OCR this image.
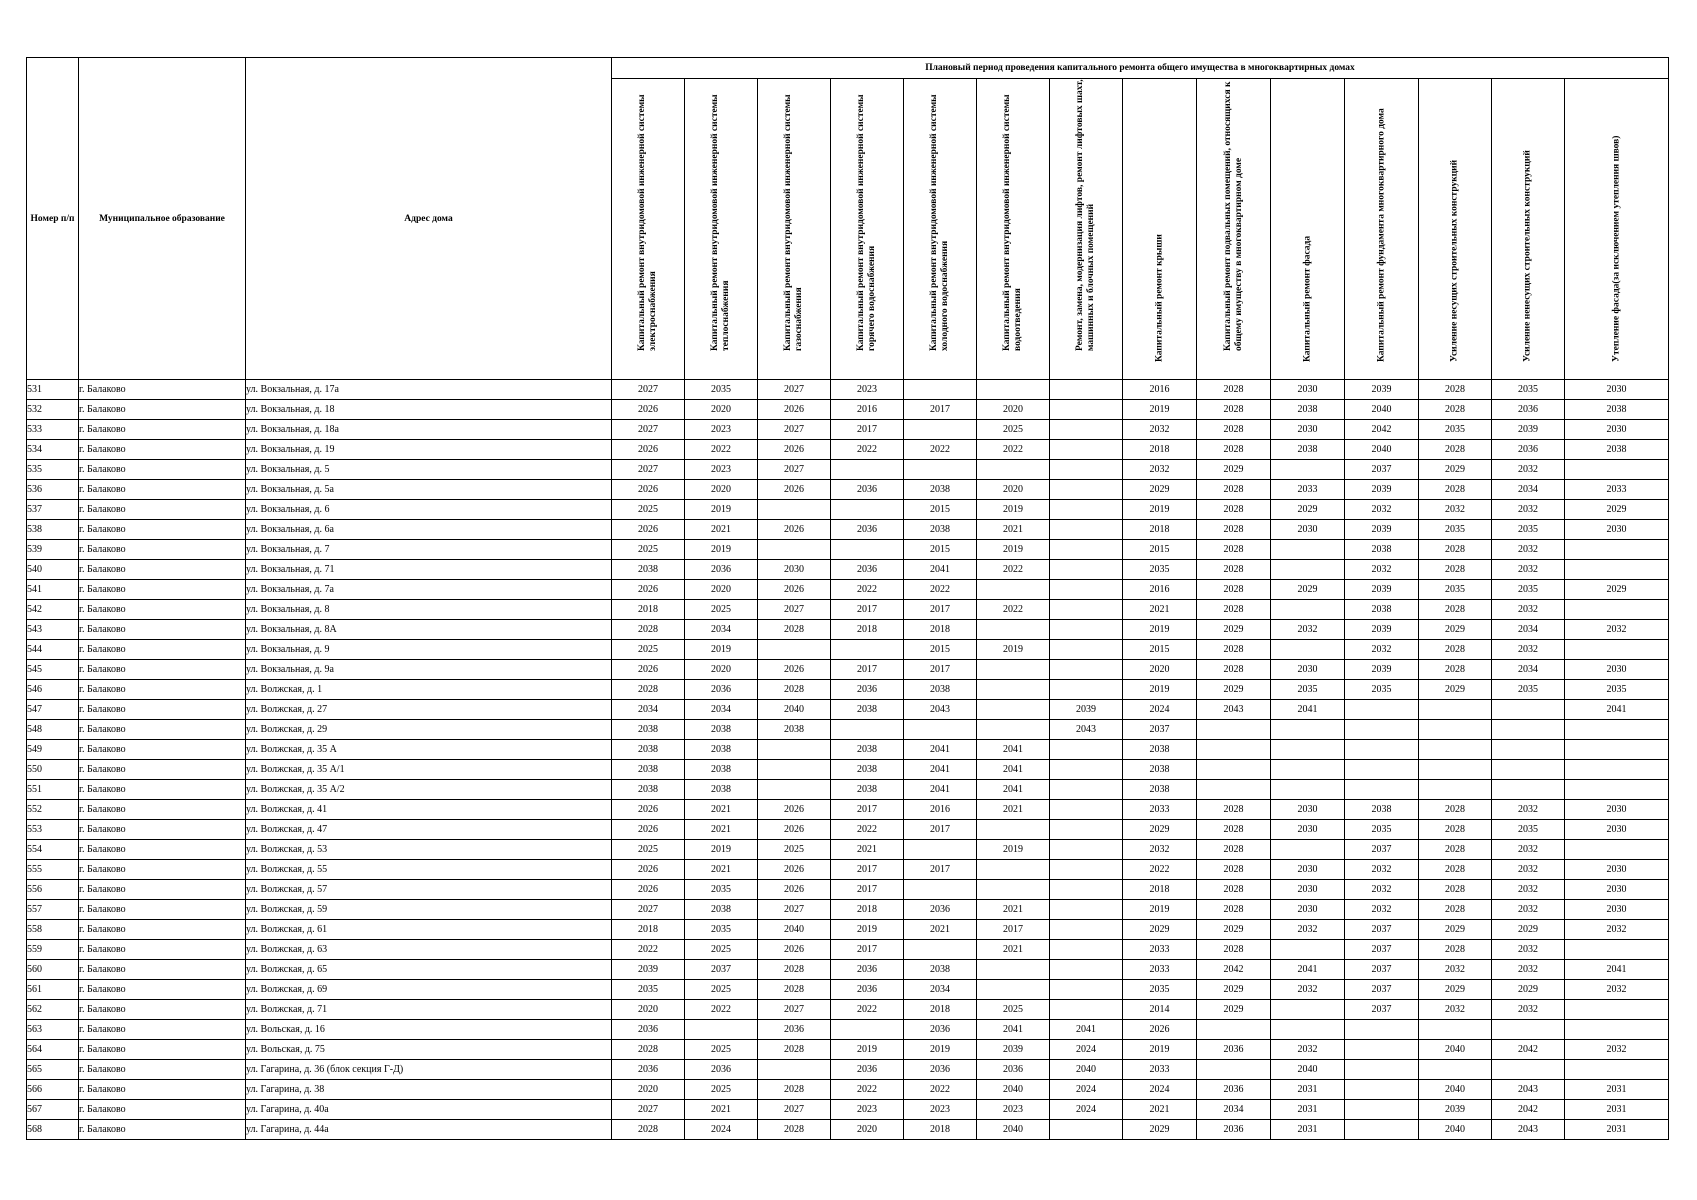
Номер п/п	Муниципальное образование	Адрес дома	Плановый период проведения капитального ремонта общего имущества в многоквартирных домах													

			Капитальный ремонт внутридомовой инженерной системы электроснабжения	Капитальный ремонт внутридомовой инженерной системы теплоснабжения	Капитальный ремонт внутридомовой инженерной системы газоснабжения	Капитальный ремонт внутридомовой инженерной системы горячего водоснабжения	Капитальный ремонт внутридомовой инженерной системы холодного водоснабжения	Капитальный ремонт внутридомовой инженерной системы водоотведения	Ремонт, замена, модернизация лифтов, ремонт лифтовых шахт, машинных и блочных помещений	Капитальный ремонт крыши	Капитальный ремонт подвальных помещений, относящихся к общему имуществу в многоквартирном доме	Капитальный ремонт фасада	Капитальный ремонт фундамента многоквартирного дома	Усиление несущих строительных конструкций	Усиление ненесущих строительных конструкций	Утепление фасада(за исключением утепления швов)

531	г. Балаково	ул. Вокзальная, д. 17а	2027	2035	2027	2023				2016	2028	2030	2039	2028	2035	2030
532	г. Балаково	ул. Вокзальная, д. 18	2026	2020	2026	2016	2017	2020		2019	2028	2038	2040	2028	2036	2038
533	г. Балаково	ул. Вокзальная, д. 18а	2027	2023	2027	2017		2025		2032	2028	2030	2042	2035	2039	2030
534	г. Балаково	ул. Вокзальная, д. 19	2026	2022	2026	2022	2022	2022		2018	2028	2038	2040	2028	2036	2038
535	г. Балаково	ул. Вокзальная, д. 5	2027	2023	2027					2032	2029		2037	2029	2032	
536	г. Балаково	ул. Вокзальная, д. 5а	2026	2020	2026	2036	2038	2020		2029	2028	2033	2039	2028	2034	2033
537	г. Балаково	ул. Вокзальная, д. 6	2025	2019			2015	2019		2019	2028	2029	2032	2032	2032	2029
538	г. Балаково	ул. Вокзальная, д. 6а	2026	2021	2026	2036	2038	2021		2018	2028	2030	2039	2035	2035	2030
539	г. Балаково	ул. Вокзальная, д. 7	2025	2019			2015	2019		2015	2028		2038	2028	2032	
540	г. Балаково	ул. Вокзальная, д. 71	2038	2036	2030	2036	2041	2022		2035	2028		2032	2028	2032	
541	г. Балаково	ул. Вокзальная, д. 7а	2026	2020	2026	2022	2022			2016	2028	2029	2039	2035	2035	2029
542	г. Балаково	ул. Вокзальная, д. 8	2018	2025	2027	2017	2017	2022		2021	2028		2038	2028	2032	
543	г. Балаково	ул. Вокзальная, д. 8А	2028	2034	2028	2018	2018			2019	2029	2032	2039	2029	2034	2032
544	г. Балаково	ул. Вокзальная, д. 9	2025	2019			2015	2019		2015	2028		2032	2028	2032	
545	г. Балаково	ул. Вокзальная, д. 9а	2026	2020	2026	2017	2017			2020	2028	2030	2039	2028	2034	2030
546	г. Балаково	ул. Волжская, д. 1	2028	2036	2028	2036	2038			2019	2029	2035	2035	2029	2035	2035
547	г. Балаково	ул. Волжская, д. 27	2034	2034	2040	2038	2043		2039	2024	2043	2041				2041
548	г. Балаково	ул. Волжская, д. 29	2038	2038	2038				2043	2037						
549	г. Балаково	ул. Волжская, д. 35 А	2038	2038		2038	2041	2041		2038						
550	г. Балаково	ул. Волжская, д. 35 А/1	2038	2038		2038	2041	2041		2038						
551	г. Балаково	ул. Волжская, д. 35 А/2	2038	2038		2038	2041	2041		2038						
552	г. Балаково	ул. Волжская, д. 41	2026	2021	2026	2017	2016	2021		2033	2028	2030	2038	2028	2032	2030
553	г. Балаково	ул. Волжская, д. 47	2026	2021	2026	2022	2017			2029	2028	2030	2035	2028	2035	2030
554	г. Балаково	ул. Волжская, д. 53	2025	2019	2025	2021		2019		2032	2028		2037	2028	2032	
555	г. Балаково	ул. Волжская, д. 55	2026	2021	2026	2017	2017			2022	2028	2030	2032	2028	2032	2030
556	г. Балаково	ул. Волжская, д. 57	2026	2035	2026	2017				2018	2028	2030	2032	2028	2032	2030
557	г. Балаково	ул. Волжская, д. 59	2027	2038	2027	2018	2036	2021		2019	2028	2030	2032	2028	2032	2030
558	г. Балаково	ул. Волжская, д. 61	2018	2035	2040	2019	2021	2017		2029	2029	2032	2037	2029	2029	2032
559	г. Балаково	ул. Волжская, д. 63	2022	2025	2026	2017		2021		2033	2028		2037	2028	2032	
560	г. Балаково	ул. Волжская, д. 65	2039	2037	2028	2036	2038			2033	2042	2041	2037	2032	2032	2041
561	г. Балаково	ул. Волжская, д. 69	2035	2025	2028	2036	2034			2035	2029	2032	2037	2029	2029	2032
562	г. Балаково	ул. Волжская, д. 71	2020	2022	2027	2022	2018	2025		2014	2029		2037	2032	2032	
563	г. Балаково	ул. Вольская, д. 16	2036		2036		2036	2041	2041	2026						
564	г. Балаково	ул. Вольская, д. 75	2028	2025	2028	2019	2019	2039	2024	2019	2036	2032		2040	2042	2032
565	г. Балаково	ул. Гагарина, д. 36 (блок секция Г-Д)	2036	2036		2036	2036	2036	2040	2033		2040				
566	г. Балаково	ул. Гагарина, д. 38	2020	2025	2028	2022	2022	2040	2024	2024	2036	2031		2040	2043	2031
567	г. Балаково	ул. Гагарина, д. 40а	2027	2021	2027	2023	2023	2023	2024	2021	2034	2031		2039	2042	2031
568	г. Балаково	ул. Гагарина, д. 44а	2028	2024	2028	2020	2018	2040		2029	2036	2031		2040	2043	2031
